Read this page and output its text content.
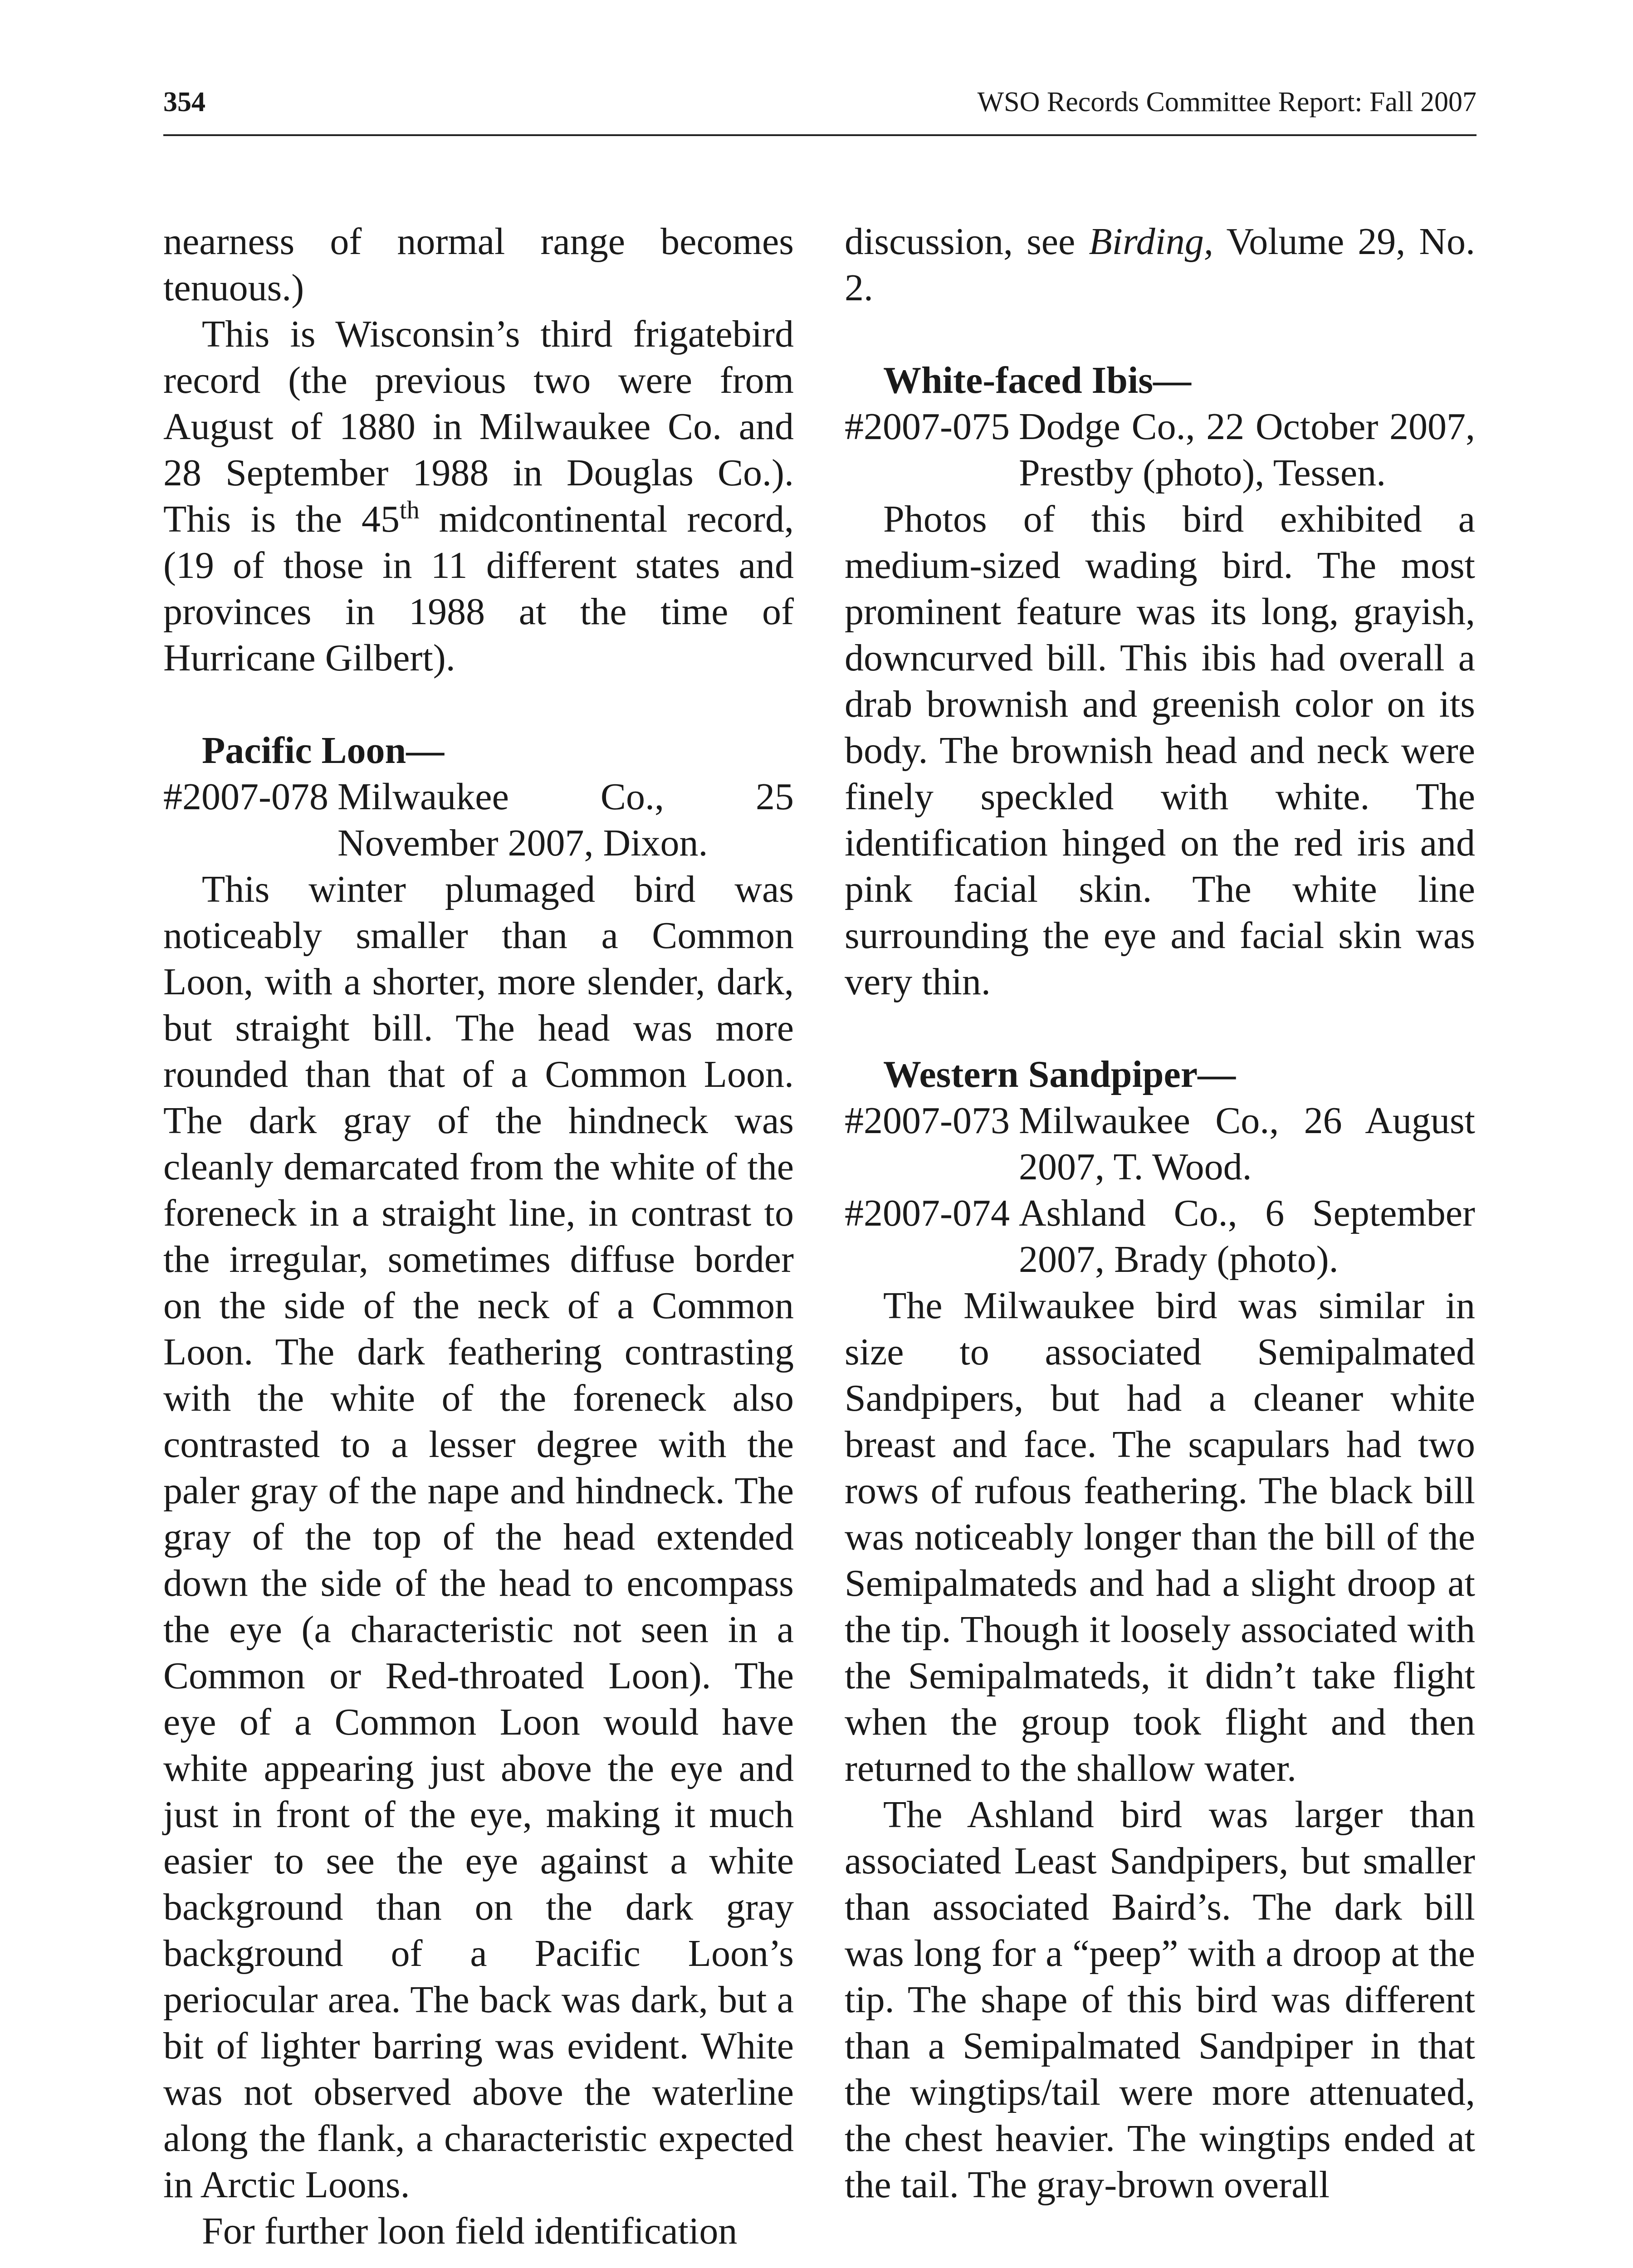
354	WSO Records Committee Report: Fall 2007

nearness of normal range becomes tenuous.)

This is Wisconsin’s third frigatebird record (the previous two were from August of 1880 in Milwaukee Co. and 28 September 1988 in Douglas Co.). This is the 45th midcontinental record, (19 of those in 11 different states and provinces in 1988 at the time of Hurricane Gilbert).

Pacific Loon—

#2007-078 Milwaukee Co., 25 November 2007, Dixon.

This winter plumaged bird was noticeably smaller than a Common Loon, with a shorter, more slender, dark, but straight bill. The head was more rounded than that of a Common Loon. The dark gray of the hindneck was cleanly demarcated from the white of the foreneck in a straight line, in contrast to the irregular, sometimes diffuse border on the side of the neck of a Common Loon. The dark feathering contrasting with the white of the foreneck also contrasted to a lesser degree with the paler gray of the nape and hindneck. The gray of the top of the head extended down the side of the head to encompass the eye (a characteristic not seen in a Common or Red-throated Loon). The eye of a Common Loon would have white appearing just above the eye and just in front of the eye, making it much easier to see the eye against a white background than on the dark gray background of a Pacific Loon’s periocular area. The back was dark, but a bit of lighter barring was evident. White was not observed above the waterline along the flank, a characteristic expected in Arctic Loons.

For further loon field identification

discussion, see Birding, Volume 29, No. 2.

White-faced Ibis—

#2007-075 Dodge Co., 22 October 2007, Prestby (photo), Tessen.

Photos of this bird exhibited a medium-sized wading bird. The most prominent feature was its long, grayish, downcurved bill. This ibis had overall a drab brownish and greenish color on its body. The brownish head and neck were finely speckled with white. The identification hinged on the red iris and pink facial skin. The white line surrounding the eye and facial skin was very thin.

Western Sandpiper—

#2007-073 Milwaukee Co., 26 August 2007, T. Wood.

#2007-074 Ashland Co., 6 September 2007, Brady (photo).

The Milwaukee bird was similar in size to associated Semipalmated Sandpipers, but had a cleaner white breast and face. The scapulars had two rows of rufous feathering. The black bill was noticeably longer than the bill of the Semipalmateds and had a slight droop at the tip. Though it loosely associated with the Semipalmateds, it didn’t take flight when the group took flight and then returned to the shallow water.

The Ashland bird was larger than associated Least Sandpipers, but smaller than associated Baird’s. The dark bill was long for a “peep” with a droop at the tip. The shape of this bird was different than a Semipalmated Sandpiper in that the wingtips/tail were more attenuated, the chest heavier. The wingtips ended at the tail. The gray-brown overall
